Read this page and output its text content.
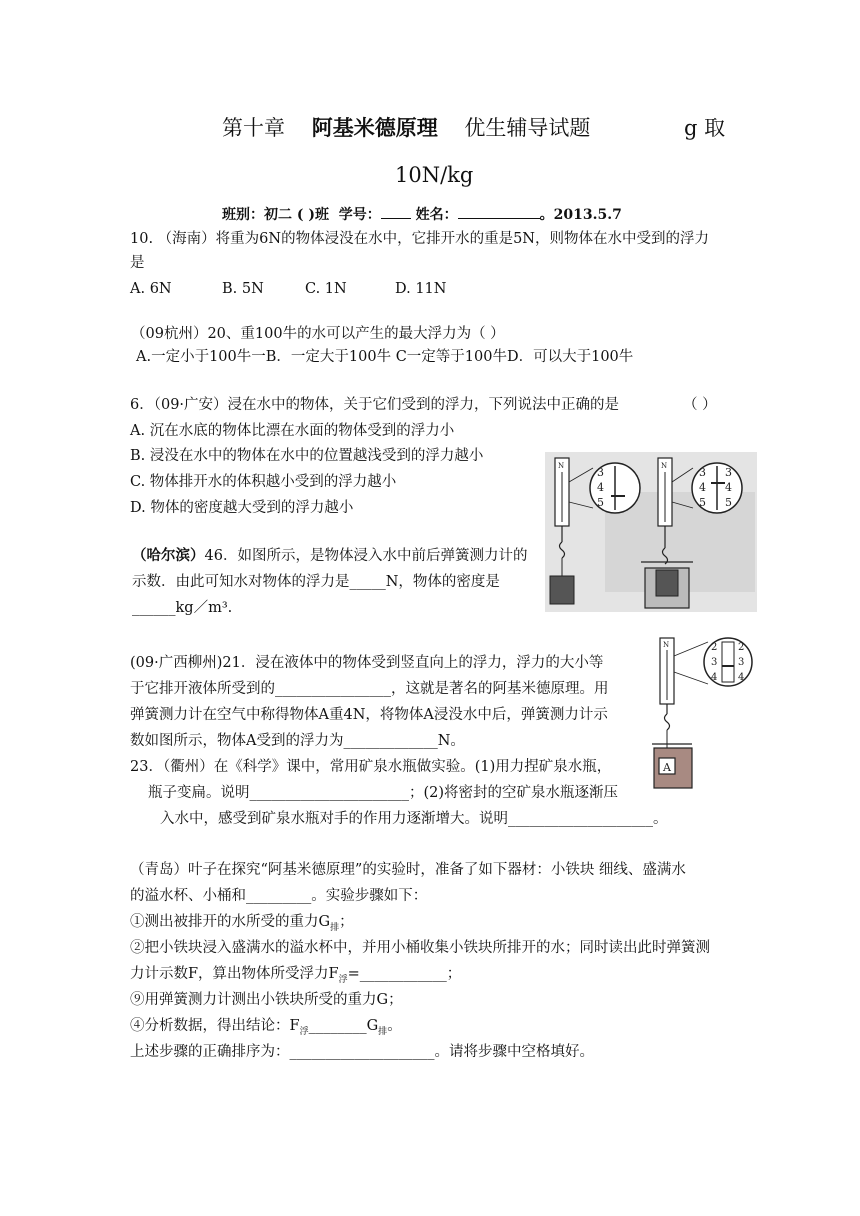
第十章 阿基米德原理 优生辅导试题	g 取
10N/kg
班别：初二 ( )班 学号： 姓名：	。2013.5.7
10. （海南）将重为6N的物体浸没在水中，它排开水的重是5N，则物体在水中受到的浮力
是
A. 6N	B. 5N	C. 1N	D. 11N
（09杭州）20、重100牛的水可以产生的最大浮力为（ ）
A.一定小于100牛一B．一定大于100牛 C一定等于100牛D．可以大于100牛
6．（09·广安）浸在水中的物体，关于它们受到的浮力，下列说法中正确的是	（ ）
A. 沉在水底的物体比漂在水面的物体受到的浮力小
B. 浸没在水中的物体在水中的位置越浅受到的浮力越小
C. 物体排开水的体积越小受到的浮力越小
D. 物体的密度越大受到的浮力越小
N	3
4
5
N	3
4
5
3
4
5
（哈尔滨）46．如图所示，是物体浸入水中前后弹簧测力计的
示数．由此可知水对物体的浮力是_____N，物体的密度是
______kg／m³.
N	2
3
4
2
3
4
A
(09·广西柳州)21．浸在液体中的物体受到竖直向上的浮力，浮力的大小等
于它排开液体所受到的________________，这就是著名的阿基米德原理。用
弹簧测力计在空气中称得物体A重4N，将物体A浸没水中后，弹簧测力计示
数如图所示，物体A受到的浮力为_____________N。
23．（衢州）在《科学》课中，常用矿泉水瓶做实验。(1)用力捏矿泉水瓶，
瓶子变扁。说明______________________；(2)将密封的空矿泉水瓶逐渐压
入水中，感受到矿泉水瓶对手的作用力逐渐增大。说明____________________。
（青岛）叶子在探究“阿基米德原理”的实验时，准备了如下器材：小铁块 细线、盛满水
的溢水杯、小桶和_________。实验步骤如下：
①测出被排开的水所受的重力$G_排$；
②把小铁块浸入盛满水的溢水杯中，并用小桶收集小铁块所排开的水；同时读出此时弹簧测
力计示数F，算出物体所受浮力$F_浮=\_\_\_\_\_\_\_\_\_\_\_\_$；
⑨用弹簧测力计测出小铁块所受的重力G；
④分析数据，得出结论：$F_浮\_\_\_\_\_\_\_\_G_排$。
上述步骤的正确排序为：____________________。请将步骤中空格填好。
